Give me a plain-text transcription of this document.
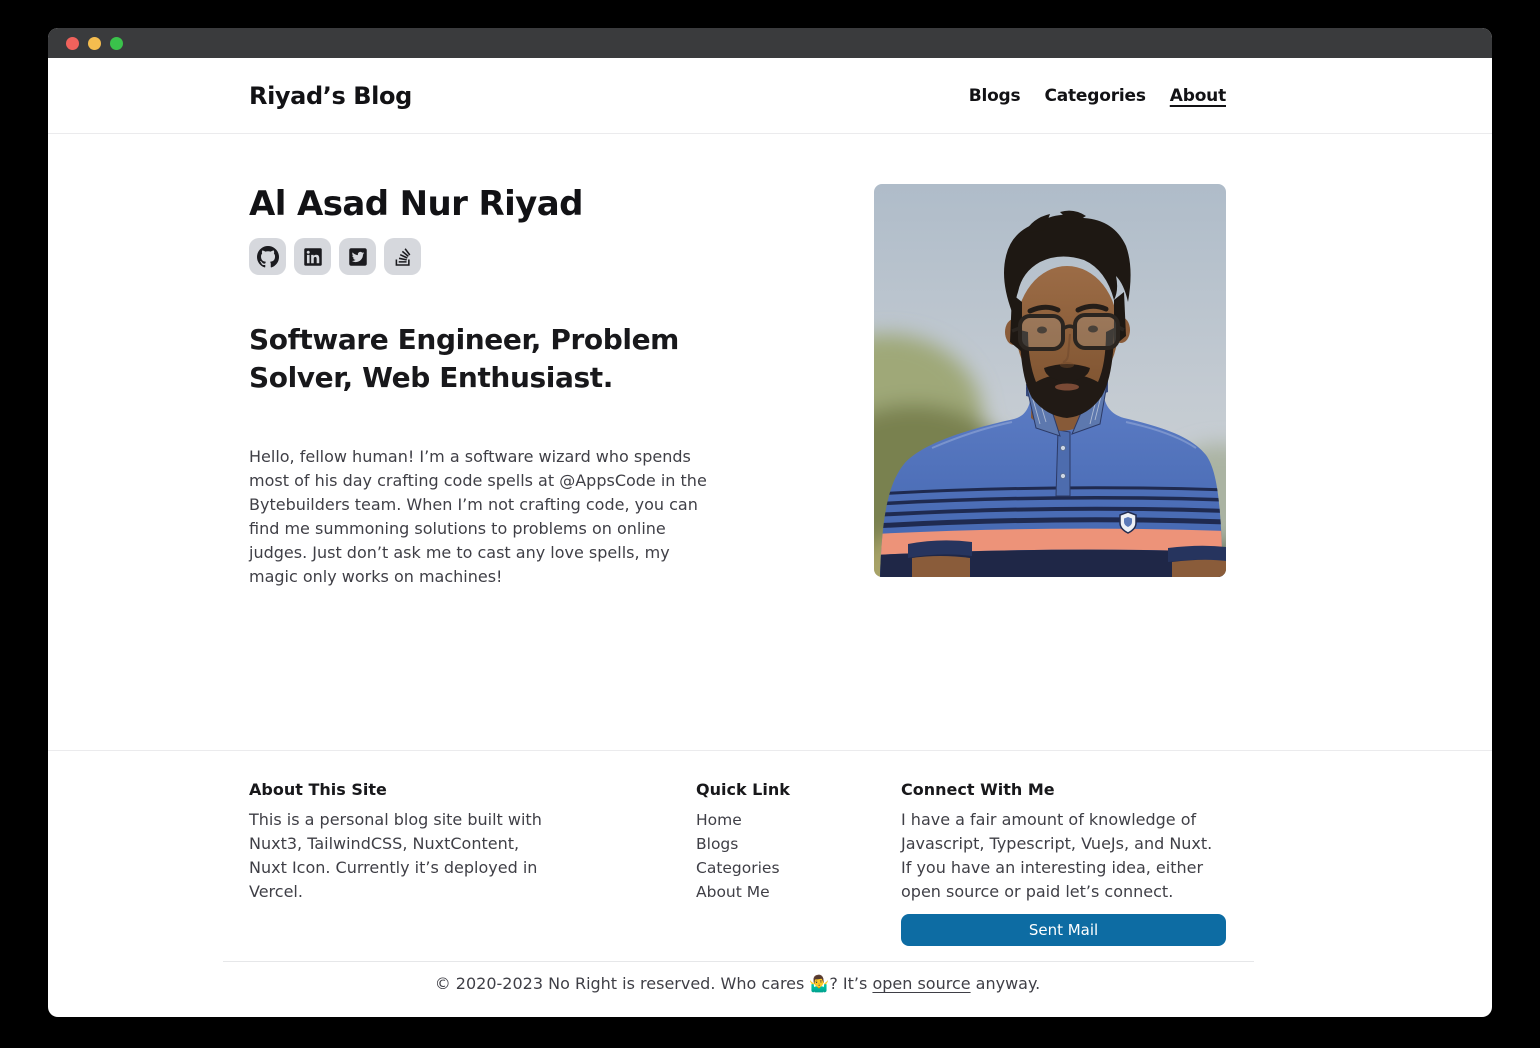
Riyad’s Blog	Blogs Categories About
Al Asad Nur Riyad
Software Engineer, Problem Solver, Web Enthusiast.

Hello, fellow human! I’m a software wizard who spends most of his day crafting code spells at @AppsCode in the Bytebuilders team. When I’m not crafting code, you can find me summoning solutions to problems on online judges. Just don’t ask me to cast any love spells, my magic only works on machines!

About This Site

This is a personal blog site built with Nuxt3, TailwindCSS, NuxtContent, Nuxt Icon. Currently it’s deployed in Vercel.

Quick Link
Home
Blogs
Categories
About Me
Connect With Me

I have a fair amount of knowledge of Javascript, Typescript, VueJs, and Nuxt. If you have an interesting idea, either open source or paid let’s connect.

Sent Mail
© 2020-2023 No Right is reserved. Who cares 🤷‍♂️? It’s open source anyway.
